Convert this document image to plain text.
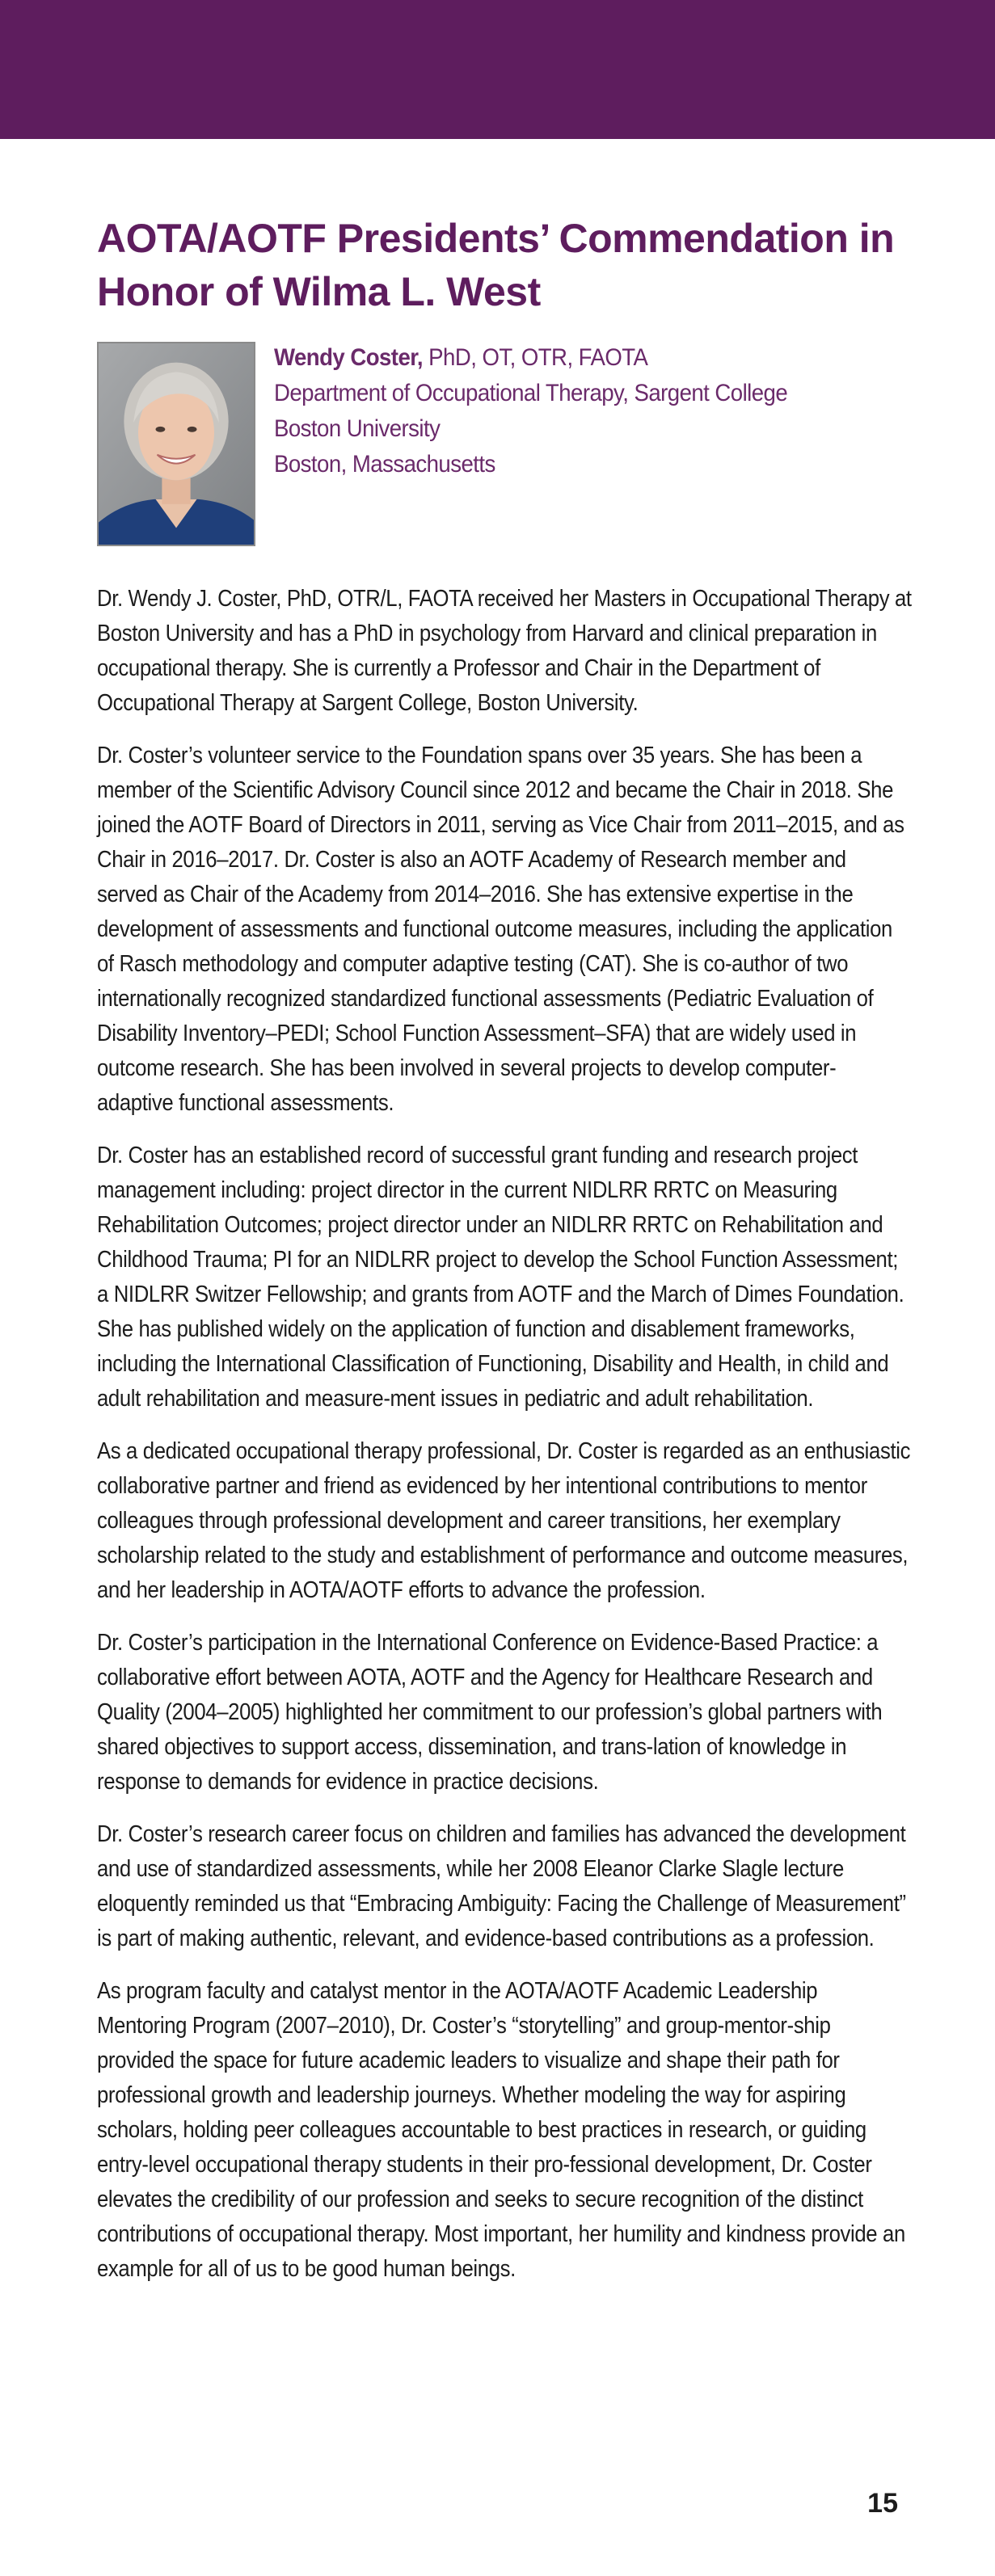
AOTA/AOTF Presidents’ Commendation in
Honor of Wilma L. West
Wendy Coster, PhD, OT, OTR, FAOTA
Department of Occupational Therapy, Sargent College
Boston University
Boston, Massachusetts

Dr. Wendy J. Coster, PhD, OTR/L, FAOTA received her Masters in Occupational Therapy at Boston University and has a PhD in psychology from Harvard and clinical preparation in occupational therapy. She is currently a Professor and Chair in the Department of Occupational Therapy at Sargent College, Boston University.

Dr. Coster’s volunteer service to the Foundation spans over 35 years. She has been a member of the Scientific Advisory Council since 2012 and became the Chair in 2018. She joined the AOTF Board of Directors in 2011, serving as Vice Chair from 2011–2015, and as Chair in 2016–2017. Dr. Coster is also an AOTF Academy of Research member and served as Chair of the Academy from 2014–2016. She has extensive expertise in the development of assessments and functional outcome measures, including the application of Rasch methodology and computer adaptive testing (CAT). She is co-author of two internationally recognized standardized functional assessments (Pediatric Evaluation of Disability Inventory–PEDI; School Function Assessment–SFA) that are widely used in outcome research. She has been involved in several projects to develop computer-adaptive functional assessments.

Dr. Coster has an established record of successful grant funding and research project management including: project director in the current NIDLRR RRTC on Measuring Rehabilitation Outcomes; project director under an NIDLRR RRTC on Rehabilitation and Childhood Trauma; PI for an NIDLRR project to develop the School Function Assessment; a NIDLRR Switzer Fellowship; and grants from AOTF and the March of Dimes Foundation. She has published widely on the application of function and disablement frameworks, including the International Classification of Functioning, Disability and Health, in child and adult rehabilitation and measure-ment issues in pediatric and adult rehabilitation.

As a dedicated occupational therapy professional, Dr. Coster is regarded as an enthusiastic collaborative partner and friend as evidenced by her intentional contributions to mentor colleagues through professional development and career transitions, her exemplary scholarship related to the study and establishment of performance and outcome measures, and her leadership in AOTA/AOTF efforts to advance the profession.

Dr. Coster’s participation in the International Conference on Evidence-Based Practice: a collaborative effort between AOTA, AOTF and the Agency for Healthcare Research and Quality (2004–2005) highlighted her commitment to our profession’s global partners with shared objectives to support access, dissemination, and trans-lation of knowledge in response to demands for evidence in practice decisions.

Dr. Coster’s research career focus on children and families has advanced the development and use of standardized assessments, while her 2008 Eleanor Clarke Slagle lecture eloquently reminded us that “Embracing Ambiguity: Facing the Challenge of Measurement” is part of making authentic, relevant, and evidence-based contributions as a profession.

As program faculty and catalyst mentor in the AOTA/AOTF Academic Leadership Mentoring Program (2007–2010), Dr. Coster’s “storytelling” and group-mentor-ship provided the space for future academic leaders to visualize and shape their path for professional growth and leadership journeys. Whether modeling the way for aspiring scholars, holding peer colleagues accountable to best practices in research, or guiding entry-level occupational therapy students in their pro-fessional development, Dr. Coster elevates the credibility of our profession and seeks to secure recognition of the distinct contributions of occupational therapy. Most important, her humility and kindness provide an example for all of us to be good human beings.

15
